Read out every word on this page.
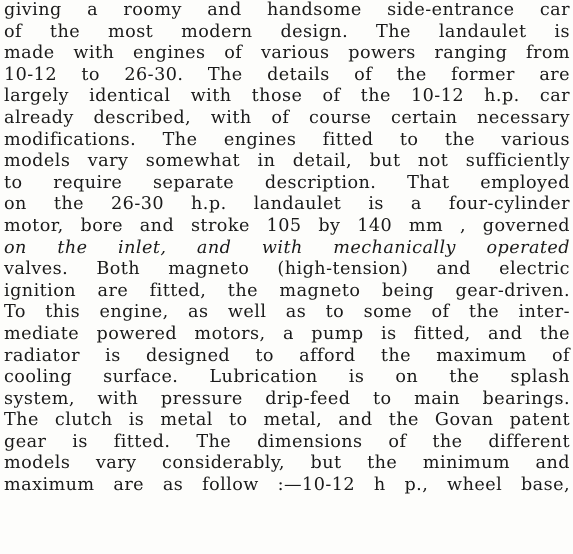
giving a roomy and handsome side-entrance car
of the most modern design. The landaulet is
made with engines of various powers ranging from
10-12 to 26-30. The details of the former are
largely identical with those of the 10-12 h.p. car
already described, with of course certain necessary
modifications. The engines fitted to the various
models vary somewhat in detail, but not sufficiently
to require separate description. That employed
on the 26-30 h.p. landaulet is a four-cylinder
motor, bore and stroke 105 by 140 mm , governed
on the inlet, and with mechanically operated
valves. Both magneto (high-tension) and electric
ignition are fitted, the magneto being gear-driven.
To this engine, as well as to some of the inter-
mediate powered motors, a pump is fitted, and the
radiator is designed to afford the maximum of
cooling surface. Lubrication is on the splash
system, with pressure drip-feed to main bearings.
The clutch is metal to metal, and the Govan patent
gear is fitted. The dimensions of the different
models vary considerably, but the minimum and
maximum are as follow :—10-12 h p., wheel base,
